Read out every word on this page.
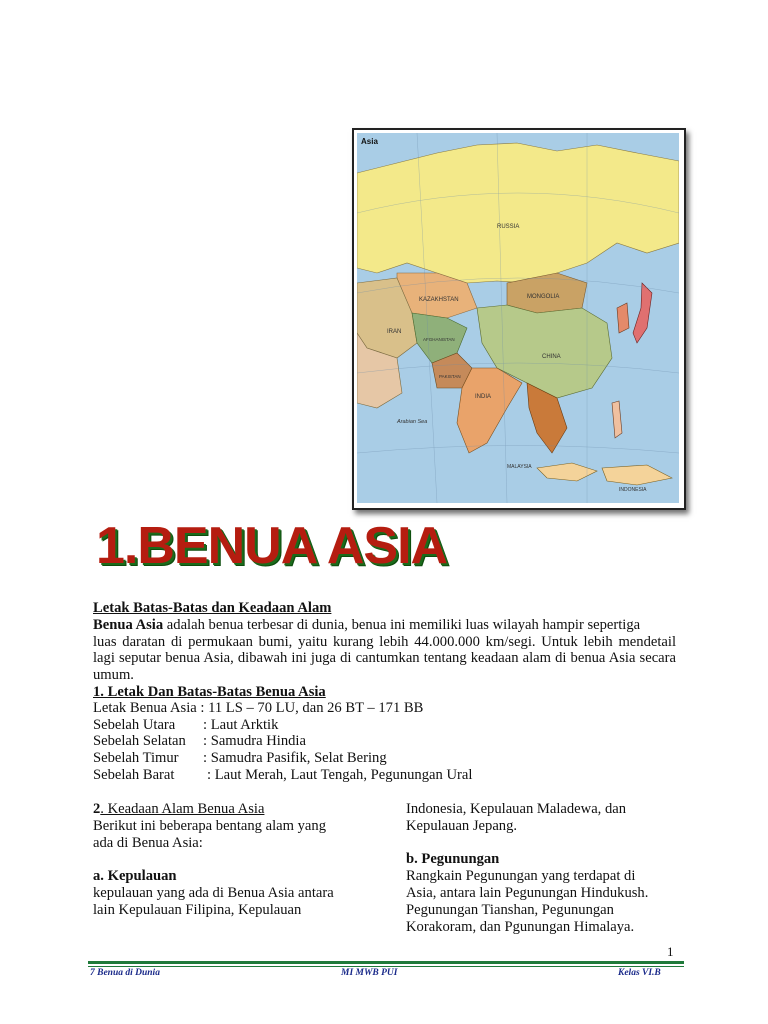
Asia
RUSSIA
KAZAKHSTAN	MONGOLIA
CHINA
INDIA
AFGHANISTAN
PAKISTAN
IRAN
Arabian Sea
INDONESIA
MALAYSIA
1.BENUA ASIA
Letak Batas-Batas dan Keadaan Alam
Benua Asia adalah benua terbesar di dunia, benua ini memiliki luas wilayah hampir sepertiga
luas daratan di permukaan bumi, yaitu kurang lebih 44.000.000 km/segi. Untuk lebih mendetail lagi seputar benua Asia, dibawah ini juga di cantumkan tentang keadaan alam di benua Asia secara umum.
1. Letak Dan Batas-Batas Benua Asia
Letak Benua Asia : 11 LS – 70 LU, dan 26 BT – 171 BB
Sebelah Utara : Laut Arktik
Sebelah Selatan : Samudra Hindia
Sebelah Timur : Samudra Pasifik, Selat Bering
Sebelah Barat : Laut Merah, Laut Tengah, Pegunungan Ural
2. Keadaan Alam Benua Asia
Berikut ini beberapa bentang alam yang
ada di Benua Asia:
a. Kepulauan
kepulauan yang ada di Benua Asia antara
lain Kepulauan Filipina, Kepulauan
Indonesia, Kepulauan Maladewa, dan
Kepulauan Jepang.
b. Pegunungan
Rangkain Pegunungan yang terdapat di
Asia, antara lain Pegunungan Hindukush.
Pegunungan Tianshan, Pegunungan
Korakoram, dan Pgunungan Himalaya.
1
7 Benua di Dunia	MI MWB PUI	Kelas VI.B
